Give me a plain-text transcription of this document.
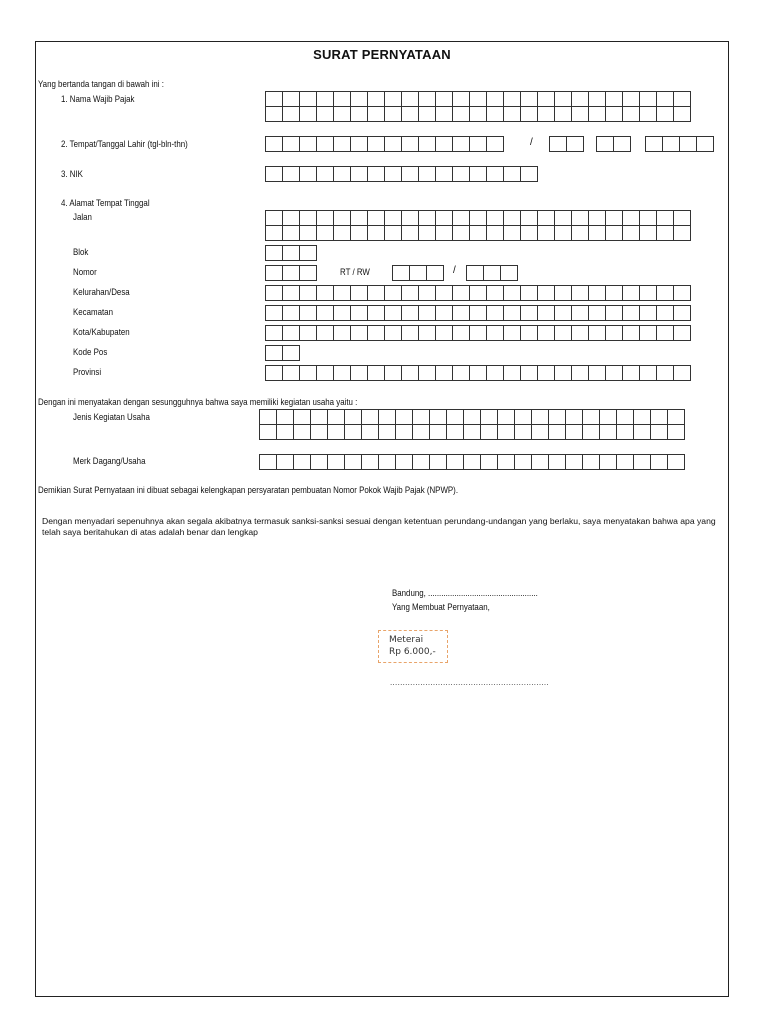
SURAT PERNYATAAN
Yang bertanda tangan di bawah ini :
1. Nama Wajib Pajak
2. Tempat/Tanggal Lahir (tgl-bln-thn)	/
3. NIK
4. Alamat Tempat Tinggal
Jalan
Blok
Nomor	RT / RW	/
Kelurahan/Desa
Kecamatan
Kota/Kabupaten
Kode Pos
Provinsi
Dengan ini menyatakan dengan sesungguhnya bahwa saya memiliki kegiatan usaha yaitu :
Jenis Kegiatan Usaha
Merk Dagang/Usaha
Demikian Surat Pernyataan ini dibuat sebagai kelengkapan persyaratan pembuatan Nomor Pokok Wajib Pajak (NPWP).
Dengan menyadari sepenuhnya akan segala akibatnya termasuk sanksi-sanksi sesuai dengan ketentuan perundang-undangan yang berlaku, saya menyatakan bahwa apa yang telah saya beritahukan di atas adalah benar dan lengkap
Bandung, ..................................................
Yang Membuat Pernyataan,
Meterai
Rp 6.000,-
...............................................................
